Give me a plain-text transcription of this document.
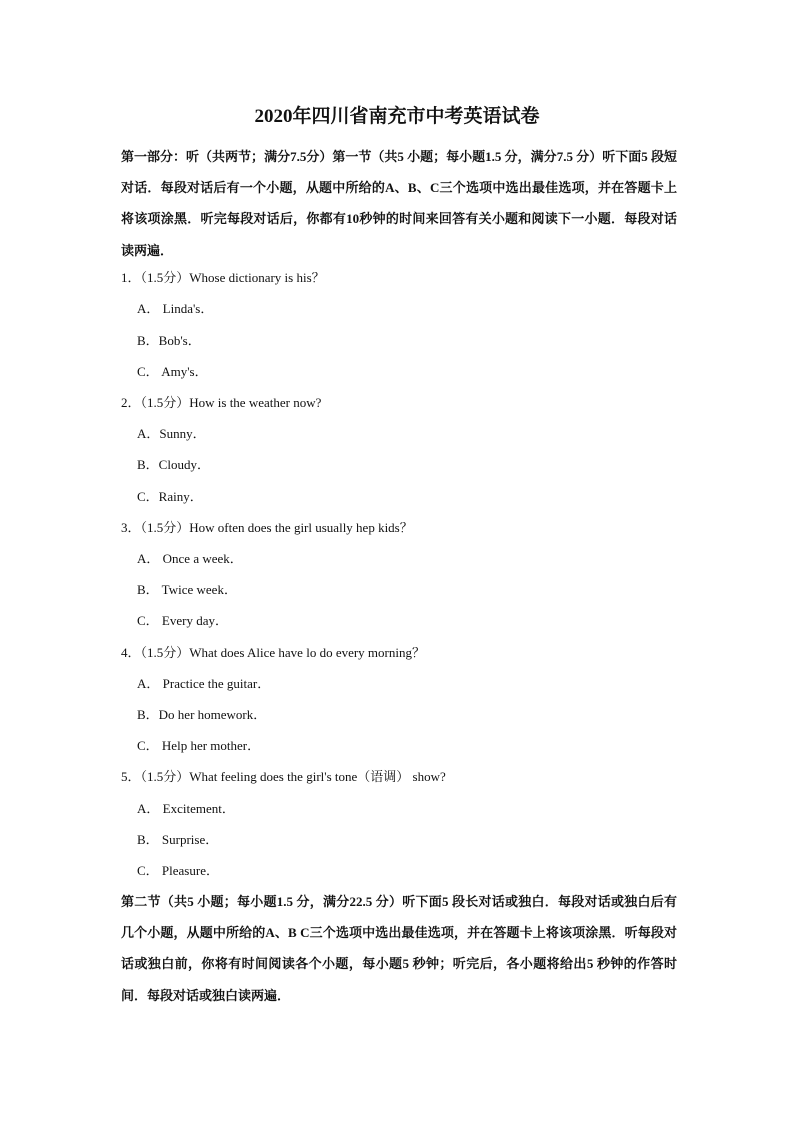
2020年四川省南充市中考英语试卷

第一部分：听（共两节；满分7.5分）第一节（共5 小题；每小题1.5 分，满分7.5 分）听下面5 段短对话．每段对话后有一个小题，从题中所给的A、B、C三个选项中选出最佳选项，并在答题卡上将该项涂黑．听完每段对话后，你都有10秒钟的时间来回答有关小题和阅读下一小题．每段对话读两遍．

1．（1.5分）Whose dictionary is his？

A． Linda's．

B．Bob's．

C． Amy's．

2．（1.5分）How is the weather now?

A．Sunny．

B．Cloudy．

C．Rainy．

3．（1.5分）How often does the girl usually hep kids？

A． Once a week．

B． Twice week．

C． Every day．

4．（1.5分）What does Alice have lo do every morning？

A． Practice the guitar．

B．Do her homework．

C． Help her mother．

5．（1.5分）What feeling does the girl's tone（语调） show?

A． Excitement．

B． Surprise．

C． Pleasure．

第二节（共5 小题；每小题1.5 分，满分22.5 分）听下面5 段长对话或独白．每段对话或独白后有几个小题，从题中所给的A、B C三个选项中选出最佳选项，并在答题卡上将该项涂黑．听每段对话或独白前，你将有时间阅读各个小题，每小题5 秒钟；听完后，各小题将给出5 秒钟的作答时间．每段对话或独白读两遍．
